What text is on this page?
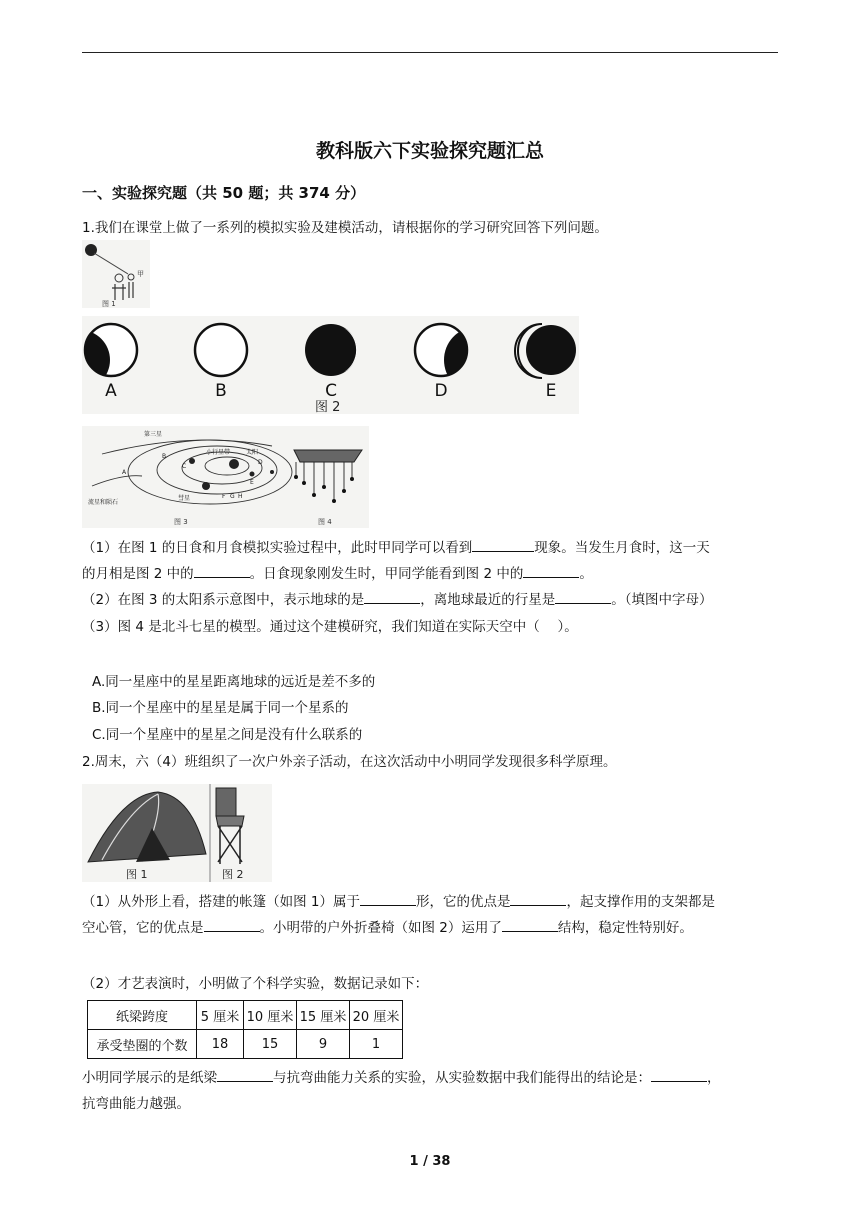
教科版六下实验探究题汇总
一、实验探究题（共 50 题；共 374 分）
1.我们在课堂上做了一系列的模拟实验及建模活动，请根据你的学习研究回答下列问题。
甲
图 1
A	B	C	D	E
图 2
第三星
小行星带	太阳
彗星
流星和陨石
A
B
C
D
E
F G H
图 3	图 4
（1）在图 1 的日食和月食模拟实验过程中，此时甲同学可以看到	现象。当发生月食时，这一天
的月相是图 2 中的	。日食现象刚发生时，甲同学能看到图 2 中的	。
（2）在图 3 的太阳系示意图中，表示地球的是	，离地球最近的行星是	。（填图中字母）
（3）图 4 是北斗七星的模型。通过这个建模研究，我们知道在实际天空中（　 ）。
A.同一星座中的星星距离地球的远近是差不多的
B.同一个星座中的星星是属于同一个星系的
C.同一个星座中的星星之间是没有什么联系的
2.周末，六（4）班组织了一次户外亲子活动，在这次活动中小明同学发现很多科学原理。
图 1	图 2
（1）从外形上看，搭建的帐篷（如图 1）属于	形，它的优点是	，起支撑作用的支架都是
空心管，它的优点是	。小明带的户外折叠椅（如图 2）运用了	结构，稳定性特别好。
（2）才艺表演时，小明做了个科学实验，数据记录如下：
纸梁跨度	5 厘米	10 厘米	15 厘米	20 厘米
承受垫圈的个数	18	15	9	1
小明同学展示的是纸梁	与抗弯曲能力关系的实验，从实验数据中我们能得出的结论是：	，
抗弯曲能力越强。
1 / 38
